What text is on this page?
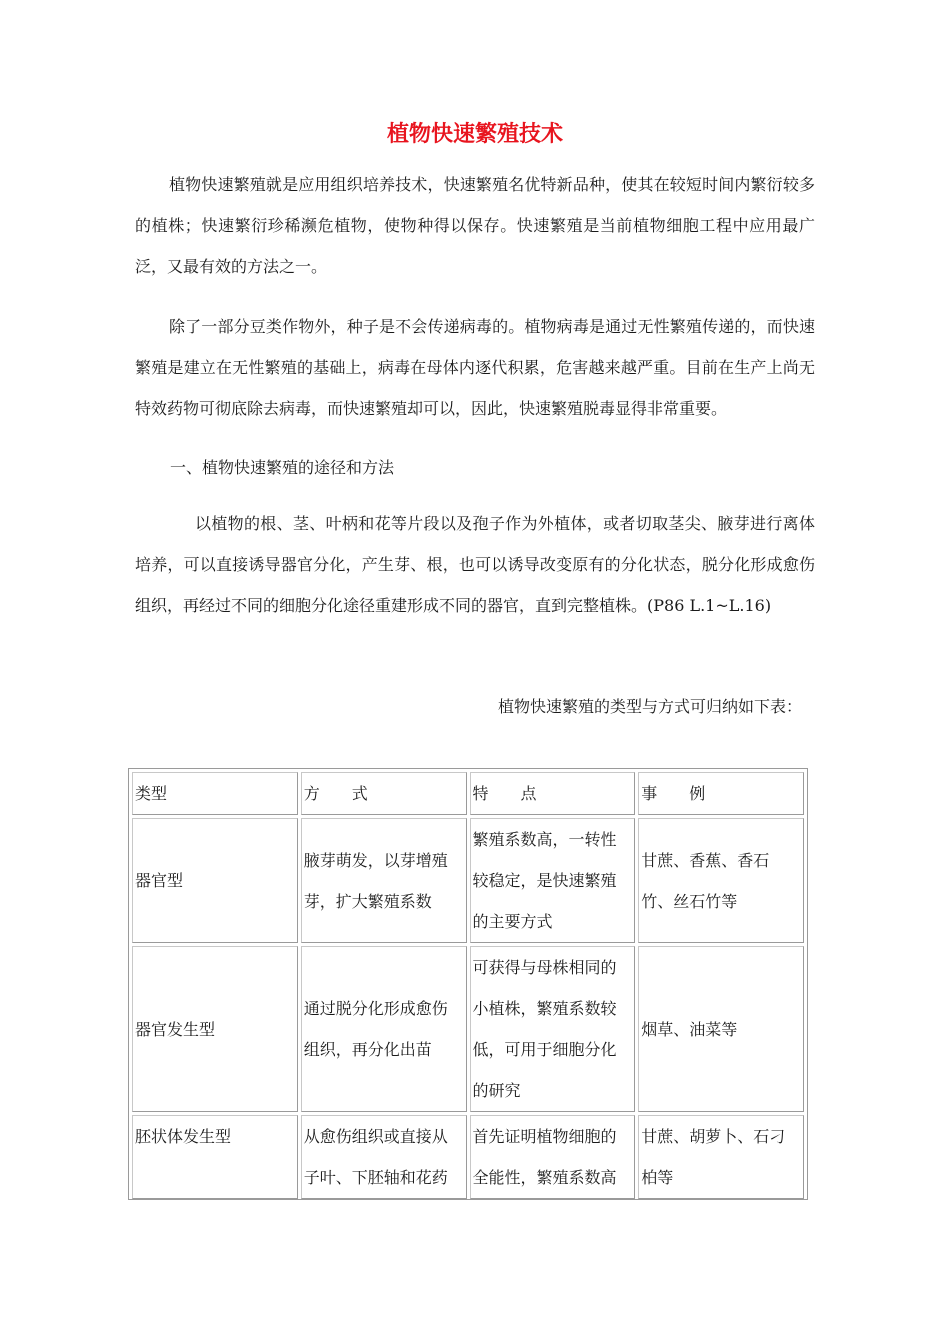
植物快速繁殖技术

植物快速繁殖就是应用组织培养技术，快速繁殖名优特新品种，使其在较短时间内繁衍较多的植株；快速繁衍珍稀濒危植物，使物种得以保存。快速繁殖是当前植物细胞工程中应用最广泛，又最有效的方法之一。

除了一部分豆类作物外，种子是不会传递病毒的。植物病毒是通过无性繁殖传递的，而快速繁殖是建立在无性繁殖的基础上，病毒在母体内逐代积累，危害越来越严重。目前在生产上尚无特效药物可彻底除去病毒，而快速繁殖却可以，因此，快速繁殖脱毒显得非常重要。

一、植物快速繁殖的途径和方法

以植物的根、茎、叶柄和花等片段以及孢子作为外植体，或者切取茎尖、腋芽进行离体培养，可以直接诱导器官分化，产生芽、根，也可以诱导改变原有的分化状态，脱分化形成愈伤组织，再经过不同的细胞分化途径重建形成不同的器官，直到完整植株。(P86 L.1~L.16)

植物快速繁殖的类型与方式可归纳如下表：

类型	方　　式	特　　点	事　　例
器官型	腋芽萌发，以芽增殖芽，扩大繁殖系数	繁殖系数高，一转性较稳定，是快速繁殖的主要方式	甘蔗、香蕉、香石竹、丝石竹等
器官发生型	通过脱分化形成愈伤组织，再分化出苗	可获得与母株相同的小植株，繁殖系数较低，可用于细胞分化的研究	烟草、油菜等
胚状体发生型	从愈伤组织或直接从子叶、下胚轴和花药	首先证明植物细胞的全能性，繁殖系数高	甘蔗、胡萝卜、石刁柏等
